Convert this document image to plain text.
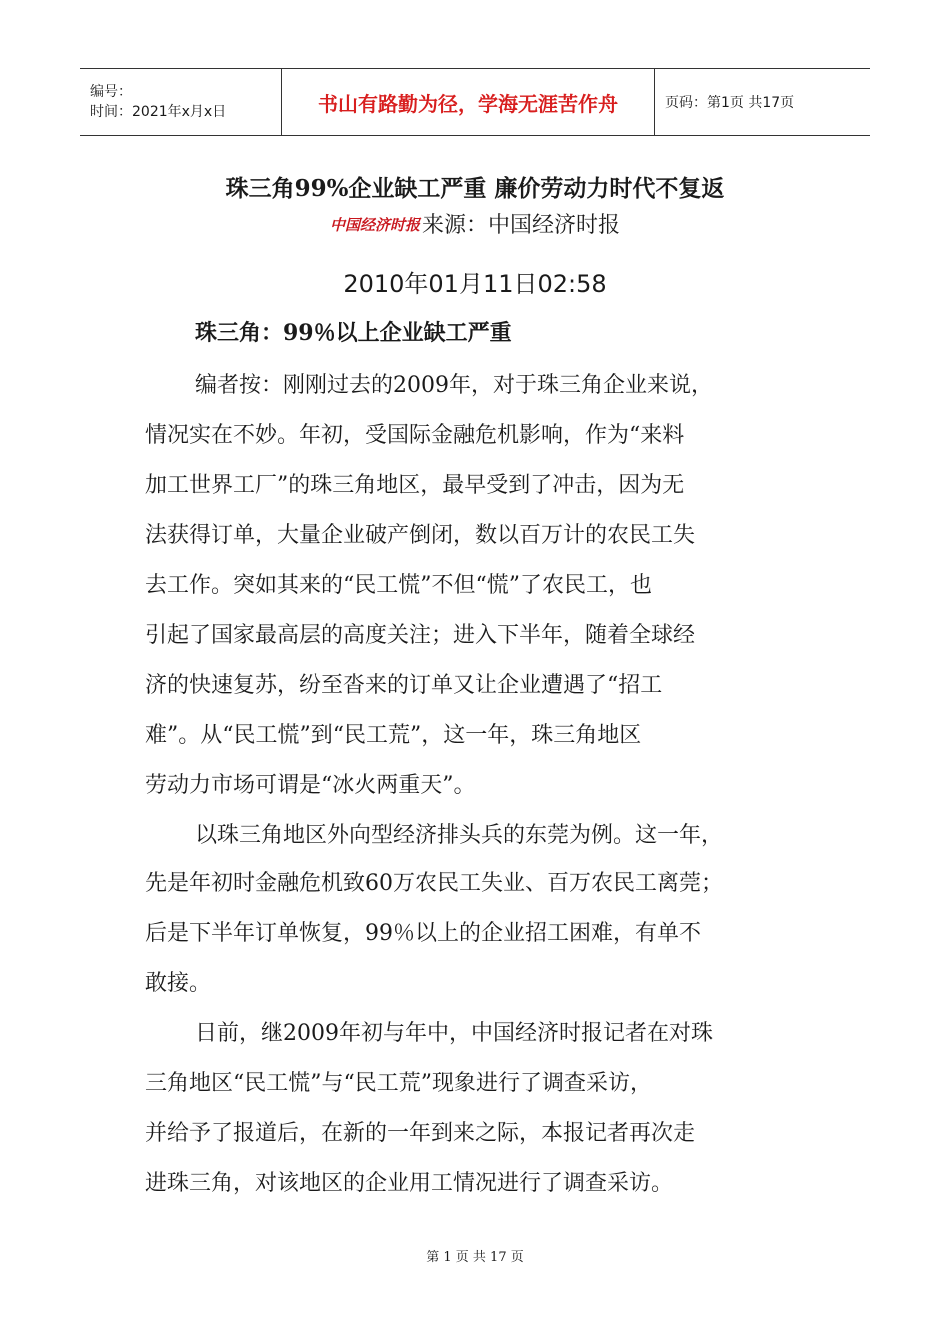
编号：
时间：2021年x月x日	书山有路勤为径，学海无涯苦作舟	页码：第1页 共17页
珠三角99%企业缺工严重 廉价劳动力时代不复返
中国经济时报来源：中国经济时报
2010年01月11日02:58
珠三角：99％以上企业缺工严重
编者按：刚刚过去的2009年，对于珠三角企业来说，
情况实在不妙。年初，受国际金融危机影响，作为“来料
加工世界工厂”的珠三角地区，最早受到了冲击，因为无
法获得订单，大量企业破产倒闭，数以百万计的农民工失
去工作。突如其来的“民工慌”不但“慌”了农民工，也
引起了国家最高层的高度关注；进入下半年，随着全球经
济的快速复苏，纷至沓来的订单又让企业遭遇了“招工
难”。从“民工慌”到“民工荒”，这一年，珠三角地区
劳动力市场可谓是“冰火两重天”。
以珠三角地区外向型经济排头兵的东莞为例。这一年，
先是年初时金融危机致60万农民工失业、百万农民工离莞；
后是下半年订单恢复，99％以上的企业招工困难，有单不
敢接。
日前，继2009年初与年中，中国经济时报记者在对珠
三角地区“民工慌”与“民工荒”现象进行了调查采访，
并给予了报道后，在新的一年到来之际，本报记者再次走
进珠三角，对该地区的企业用工情况进行了调查采访。
第 1 页 共 17 页
